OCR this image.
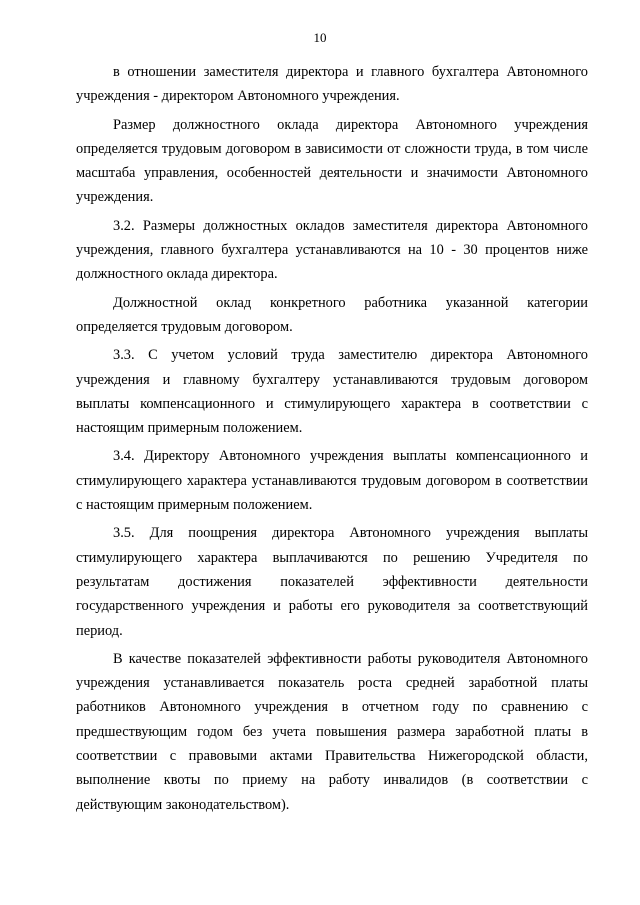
10

в отношении заместителя директора и главного бухгалтера Автономного учреждения - директором Автономного учреждения.

Размер должностного оклада директора Автономного учреждения определяется трудовым договором в зависимости от сложности труда, в том числе масштаба управления, особенностей деятельности и значимости Автономного учреждения.

3.2. Размеры должностных окладов заместителя директора Автономного учреждения, главного бухгалтера устанавливаются на 10 - 30 процентов ниже должностного оклада директора.

Должностной оклад конкретного работника указанной категории определяется трудовым договором.

3.3. С учетом условий труда заместителю директора Автономного учреждения и главному бухгалтеру устанавливаются трудовым договором выплаты компенсационного и стимулирующего характера в соответствии с настоящим примерным положением.

3.4. Директору Автономного учреждения выплаты компенсационного и стимулирующего характера устанавливаются трудовым договором в соответствии с настоящим примерным положением.

3.5. Для поощрения директора Автономного учреждения выплаты стимулирующего характера выплачиваются по решению Учредителя по результатам достижения показателей эффективности деятельности государственного учреждения и работы его руководителя за соответствующий период.

В качестве показателей эффективности работы руководителя Автономного учреждения устанавливается показатель роста средней заработной платы работников Автономного учреждения в отчетном году по сравнению с предшествующим годом без учета повышения размера заработной платы в соответствии с правовыми актами Правительства Нижегородской области, выполнение квоты по приему на работу инвалидов (в соответствии с действующим законодательством).
